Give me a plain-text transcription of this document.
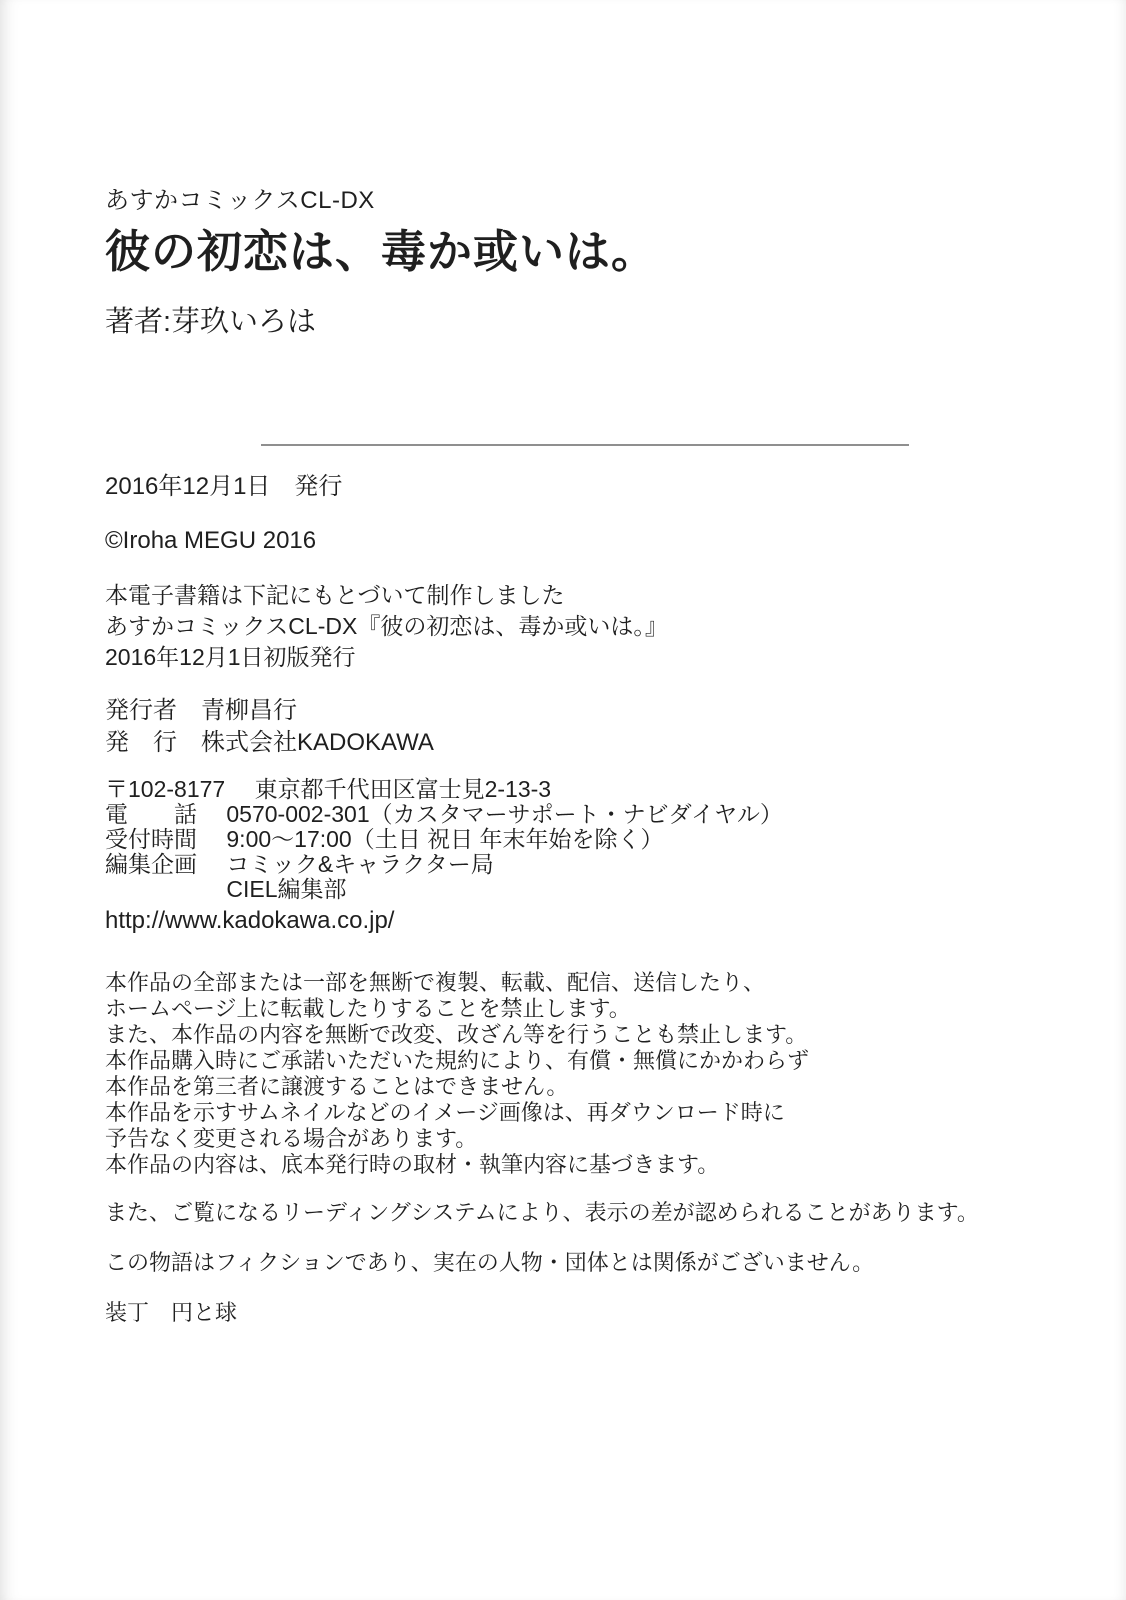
あすかコミックスCL-DX
彼の初恋は、毒か或いは。
著者:芽玖いろは
2016年12月1日　発行
©Iroha MEGU 2016
本電子書籍は下記にもとづいて制作しました
あすかコミックスCL-DX『彼の初恋は、毒か或いは。』
2016年12月1日初版発行
発行者　青柳昌行
発　行　株式会社KADOKAWA
〒102-8177　 東京都千代田区富士見2-13-3
電　　話　 0570-002-301（カスタマーサポート・ナビダイヤル）
受付時間　 9:00～17:00（土日 祝日 年末年始を除く）
編集企画　 コミック&キャラクター局
　　　　　 CIEL編集部
http://www.kadokawa.co.jp/
本作品の全部または一部を無断で複製、転載、配信、送信したり、
ホームページ上に転載したりすることを禁止します。
また、本作品の内容を無断で改変、改ざん等を行うことも禁止します。
本作品購入時にご承諾いただいた規約により、有償・無償にかかわらず
本作品を第三者に譲渡することはできません。
本作品を示すサムネイルなどのイメージ画像は、再ダウンロード時に
予告なく変更される場合があります。
本作品の内容は、底本発行時の取材・執筆内容に基づきます。
また、ご覧になるリーディングシステムにより、表示の差が認められることがあります。
この物語はフィクションであり、実在の人物・団体とは関係がございません。
装丁　円と球
